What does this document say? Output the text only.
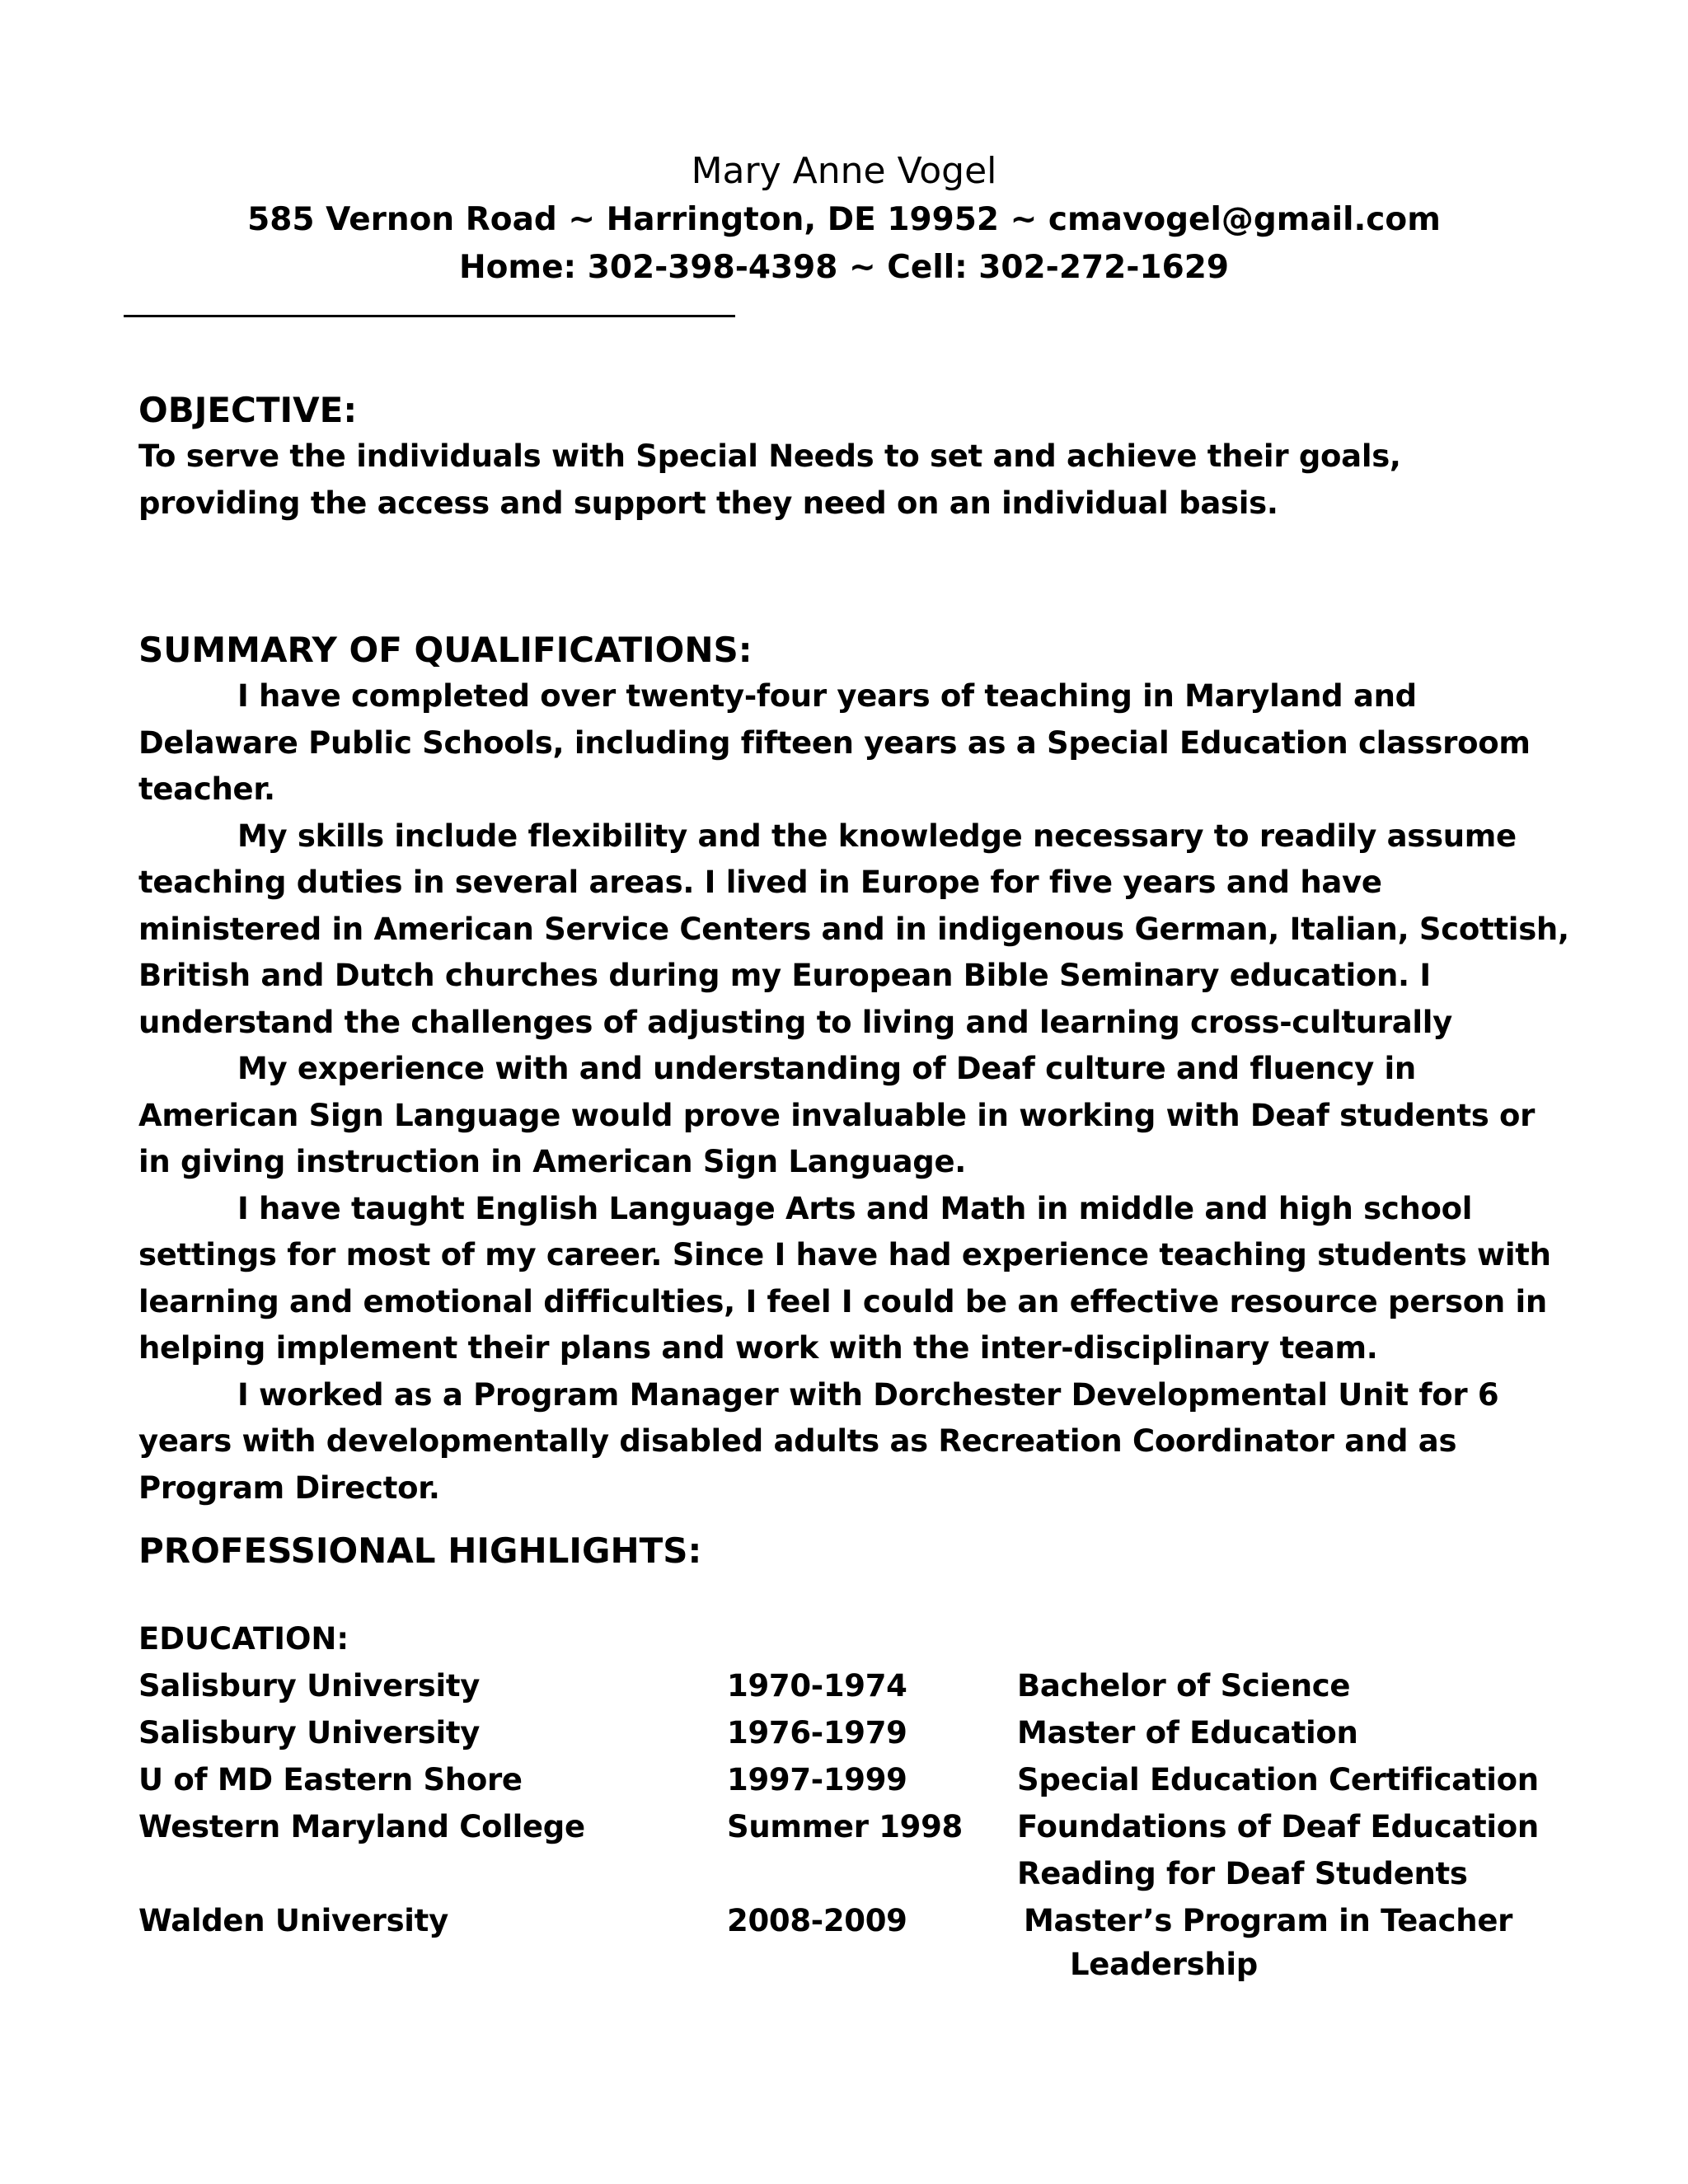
Mary Anne Vogel

585 Vernon Road ~ Harrington, DE 19952 ~ cmavogel@gmail.com

Home: 302-398-4398 ~ Cell: 302-272-1629

OBJECTIVE:

To serve the individuals with Special Needs to set and achieve their goals, providing the access and support they need on an individual basis.

SUMMARY OF QUALIFICATIONS:

I have completed over twenty-four years of teaching in Maryland and Delaware Public Schools, including fifteen years as a Special Education classroom teacher.

My skills include flexibility and the knowledge necessary to readily assume teaching duties in several areas. I lived in Europe for five years and have ministered in American Service Centers and in indigenous German, Italian, Scottish, British and Dutch churches during my European Bible Seminary education. I understand the challenges of adjusting to living and learning cross-culturally

My experience with and understanding of Deaf culture and fluency in American Sign Language would prove invaluable in working with Deaf students or in giving instruction in American Sign Language.

I have taught English Language Arts and Math in middle and high school settings for most of my career. Since I have had experience teaching students with learning and emotional difficulties, I feel I could be an effective resource person in helping implement their plans and work with the inter-disciplinary team.

I worked as a Program Manager with Dorchester Developmental Unit for 6 years with developmentally disabled adults as Recreation Coordinator and as Program Director.

PROFESSIONAL HIGHLIGHTS:

EDUCATION:

Salisbury University	1970-1974	Bachelor of Science
Salisbury University	1976-1979	Master of Education
U of MD Eastern Shore	1997-1999	Special Education Certification
Western Maryland College	Summer 1998 Foundations of Deaf Education
Reading for Deaf Students
Walden University	2008-2009	Master’s Program in Teacher
Leadership
